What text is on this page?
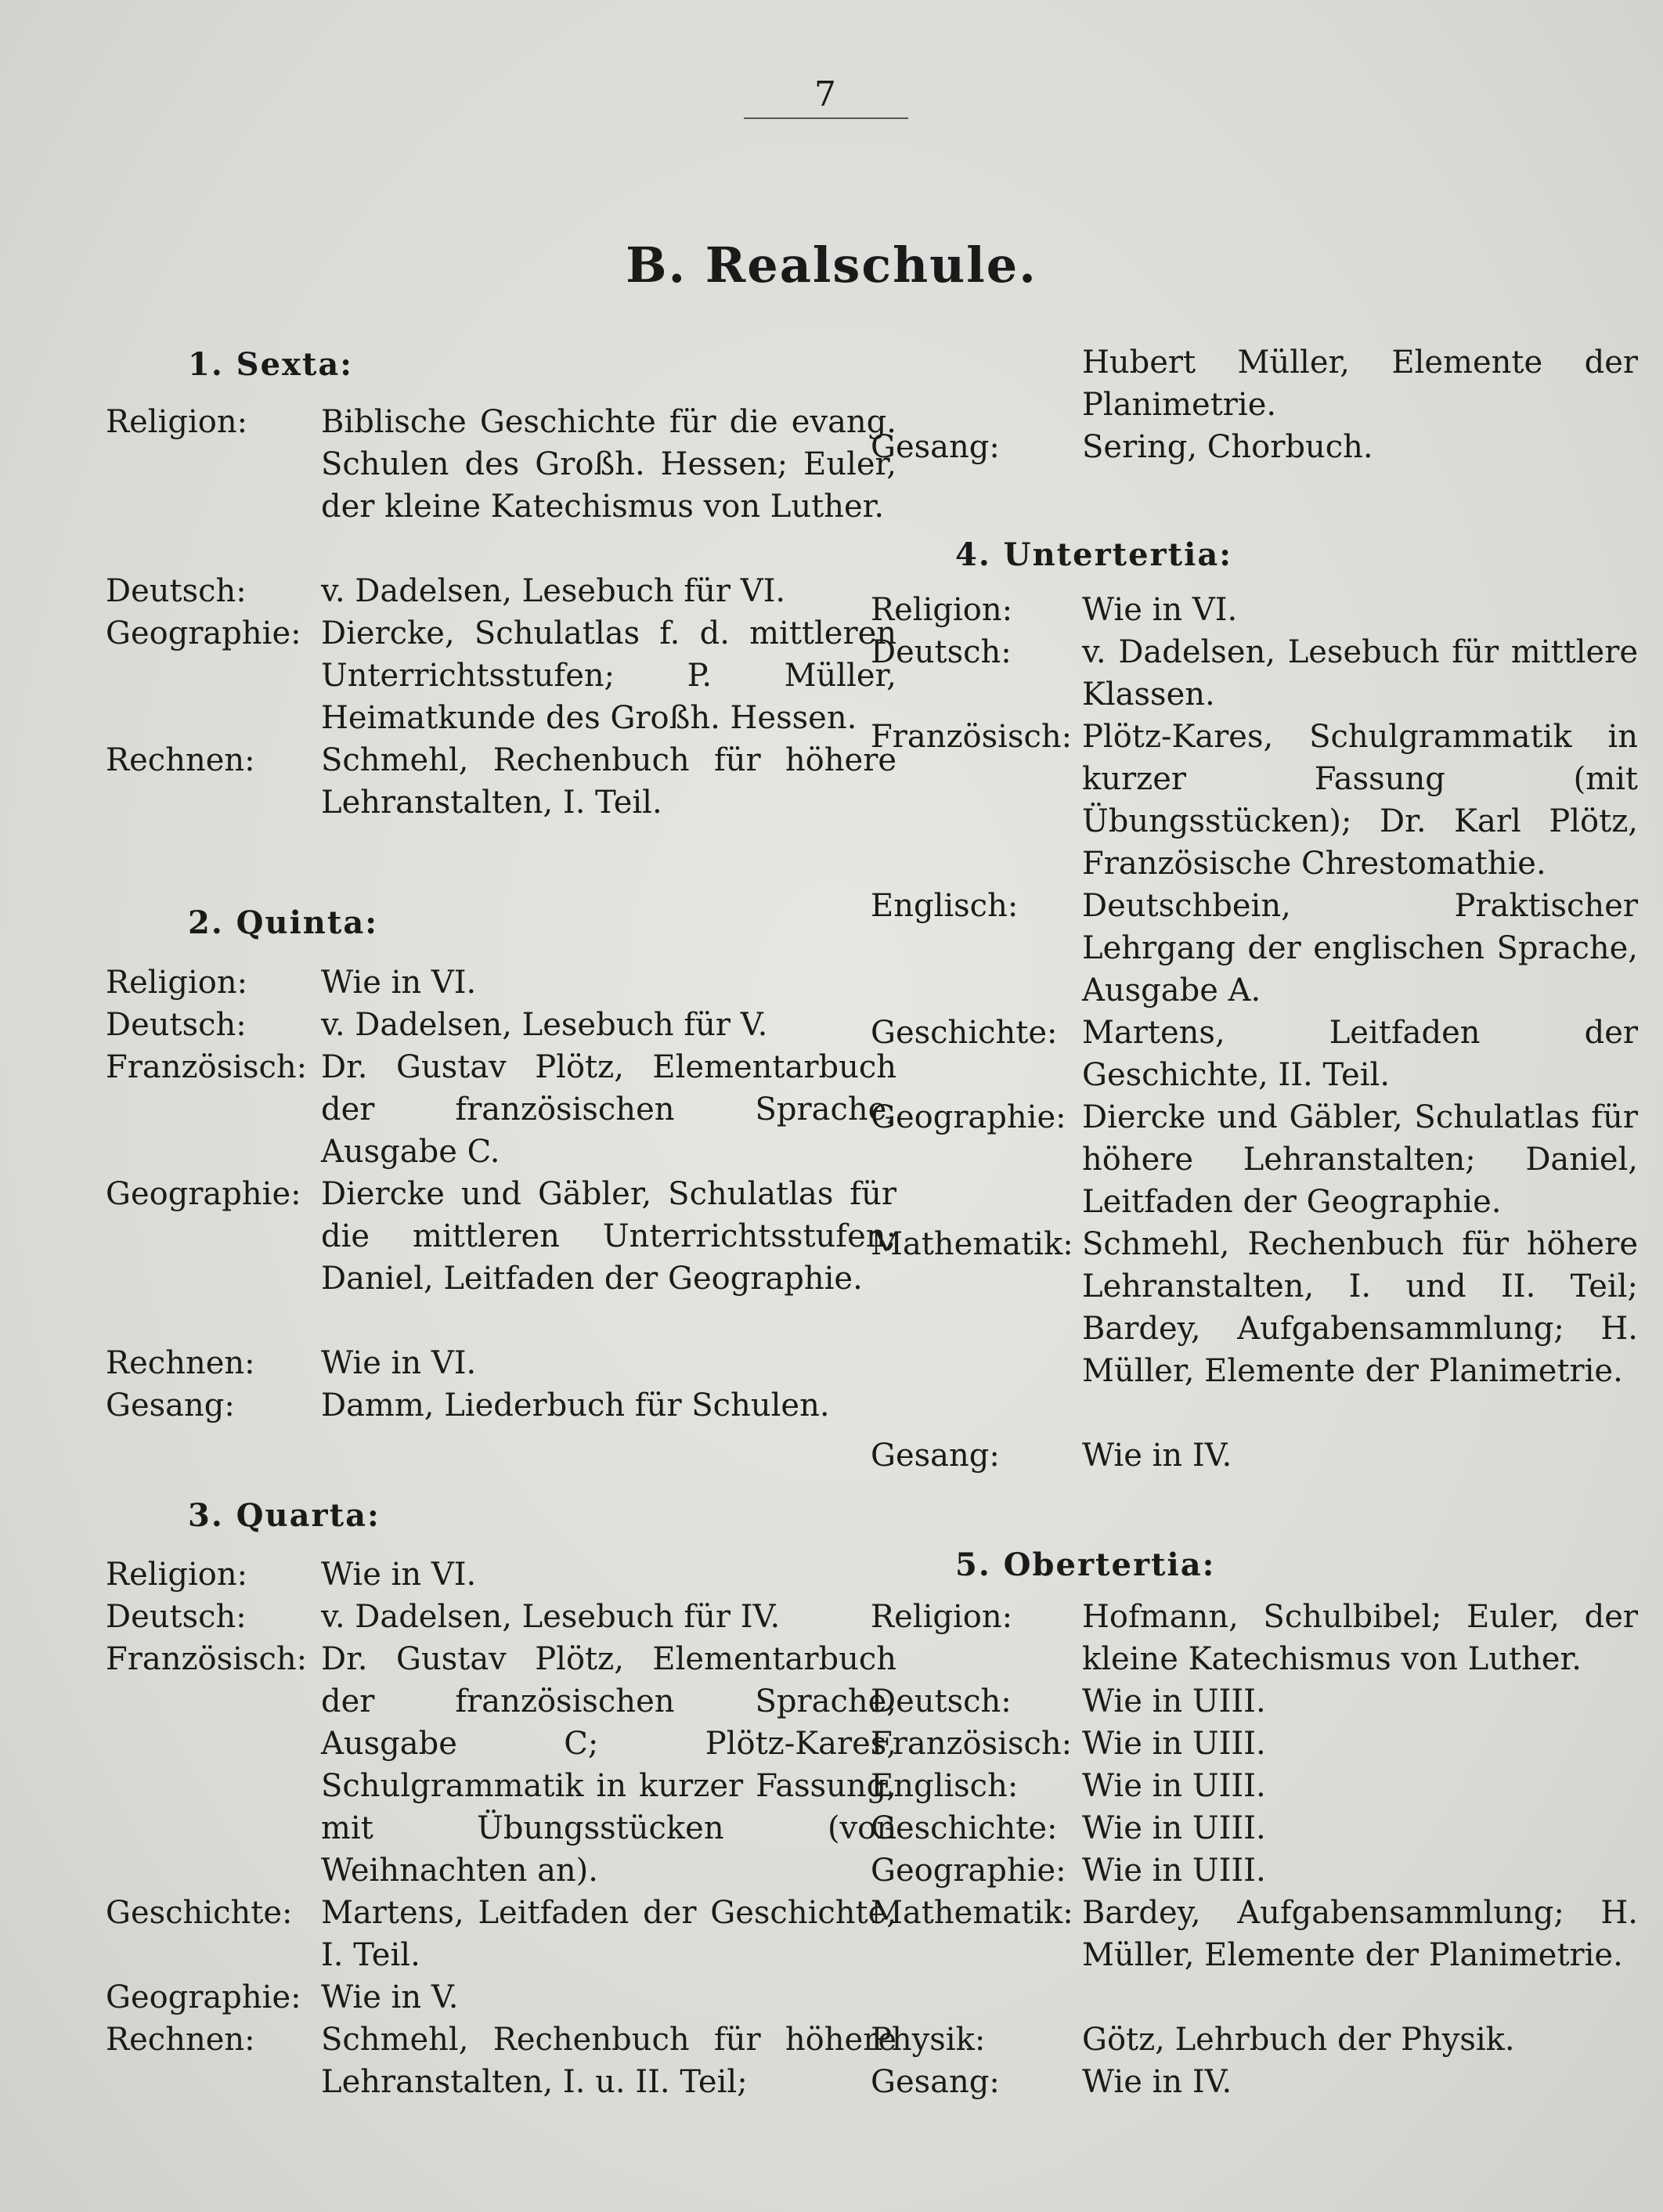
7
B. Realschule.
1. Sexta:
Religion: Biblische Geschichte für die evang. Schulen des Großh. Hessen; Euler, der kleine Katechismus von Luther.
Deutsch: v. Dadelsen, Lesebuch für VI.
Geographie: Diercke, Schulatlas f. d. mittleren Unterrichtsstufen; P. Müller, Heimatkunde des Großh. Hessen.
Rechnen: Schmehl, Rechenbuch für höhere Lehranstalten, I. Teil.
2. Quinta:
Religion: Wie in VI.
Deutsch: v. Dadelsen, Lesebuch für V.
Französisch: Dr. Gustav Plötz, Elementarbuch der französischen Sprache, Ausgabe C.
Geographie: Diercke und Gäbler, Schulatlas für die mittleren Unterrichtsstufen; Daniel, Leitfaden der Geographie.
Rechnen: Wie in VI.
Gesang:	Damm, Liederbuch für Schulen.
3. Quarta:
Religion: Wie in VI.
Deutsch: v. Dadelsen, Lesebuch für IV.
Französisch: Dr. Gustav Plötz, Elementarbuch der französischen Sprache, Ausgabe C; Plötz-Kares, Schulgrammatik in kurzer Fassung, mit Übungsstücken (von Weihnachten an).
Geschichte: Martens, Leitfaden der Geschichte, I. Teil.
Geographie: Wie in V.
Rechnen: Schmehl, Rechenbuch für höhere Lehranstalten, I. u. II. Teil;
Hubert Müller, Elemente der Planimetrie.
Gesang:	Sering, Chorbuch.
4. Untertertia:
Religion: Wie in VI.
Deutsch: v. Dadelsen, Lesebuch für mittlere Klassen.
Französisch: Plötz-Kares, Schulgrammatik in kurzer Fassung (mit Übungsstücken); Dr. Karl Plötz, Französische Chrestomathie.
Englisch: Deutschbein, Praktischer Lehrgang der englischen Sprache, Ausgabe A.
Geschichte: Martens, Leitfaden der Geschichte, II. Teil.
Geographie: Diercke und Gäbler, Schulatlas für höhere Lehranstalten; Daniel, Leitfaden der Geographie.
Mathematik: Schmehl, Rechenbuch für höhere Lehranstalten, I. und II. Teil; Bardey, Aufgabensammlung; H. Müller, Elemente der Planimetrie.
Gesang:	Wie in IV.
5. Obertertia:
Religion: Hofmann, Schulbibel; Euler, der kleine Katechismus von Luther.
Deutsch: Wie in UIII.
Französisch: Wie in UIII.
Englisch: Wie in UIII.
Geschichte: Wie in UIII.
Geographie: Wie in UIII.
Mathematik: Bardey, Aufgabensammlung; H. Müller, Elemente der Planimetrie.
Physik:	Götz, Lehrbuch der Physik.
Gesang:	Wie in IV.
